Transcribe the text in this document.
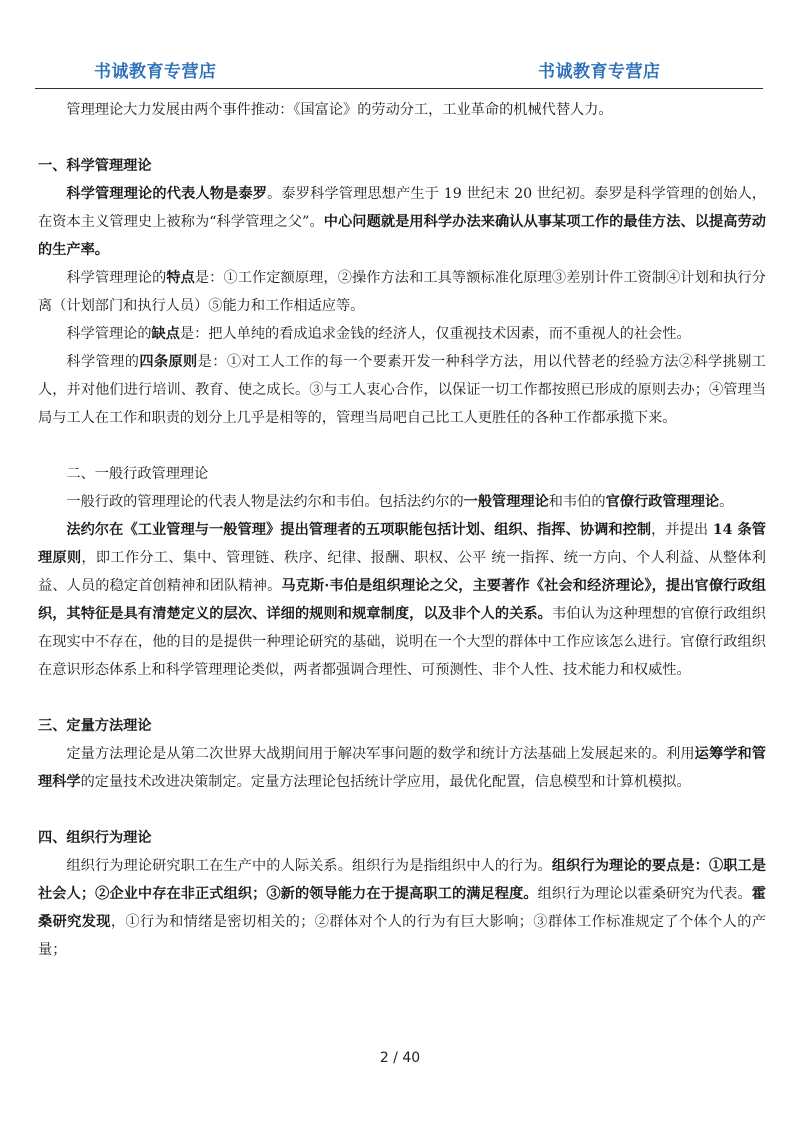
书诚教育专营店	书诚教育专营店

管理理论大力发展由两个事件推动：《国富论》的劳动分工，工业革命的机械代替人力。

一、科学管理理论

科学管理理论的代表人物是泰罗。泰罗科学管理思想产生于 19 世纪末 20 世纪初。泰罗是科学管理的创始人，在资本主义管理史上被称为“科学管理之父”。中心问题就是用科学办法来确认从事某项工作的最佳方法、以提高劳动的生产率。

科学管理理论的特点是：①工作定额原理，②操作方法和工具等额标准化原理③差别计件工资制④计划和执行分离（计划部门和执行人员）⑤能力和工作相适应等。

科学管理论的缺点是：把人单纯的看成追求金钱的经济人，仅重视技术因素，而不重视人的社会性。

科学管理的四条原则是：①对工人工作的每一个要素开发一种科学方法，用以代替老的经验方法②科学挑剔工人，并对他们进行培训、教育、使之成长。③与工人衷心合作，以保证一切工作都按照已形成的原则去办；④管理当局与工人在工作和职责的划分上几乎是相等的，管理当局吧自己比工人更胜任的各种工作都承揽下来。

二、一般行政管理理论

一般行政的管理理论的代表人物是法约尔和韦伯。包括法约尔的一般管理理论和韦伯的官僚行政管理理论。

法约尔在《工业管理与一般管理》提出管理者的五项职能包括计划、组织、指挥、协调和控制，并提出 14 条管理原则，即工作分工、集中、管理链、秩序、纪律、报酬、职权、公平 统一指挥、统一方向、个人利益、从整体利益、人员的稳定首创精神和团队精神。马克斯·韦伯是组织理论之父，主要著作《社会和经济理论》，提出官僚行政组织，其特征是具有清楚定义的层次、详细的规则和规章制度，以及非个人的关系。韦伯认为这种理想的官僚行政组织在现实中不存在，他的目的是提供一种理论研究的基础，说明在一个大型的群体中工作应该怎么进行。官僚行政组织在意识形态体系上和科学管理理论类似，两者都强调合理性、可预测性、非个人性、技术能力和权威性。

三、定量方法理论

定量方法理论是从第二次世界大战期间用于解决军事问题的数学和统计方法基础上发展起来的。利用运筹学和管理科学的定量技术改进决策制定。定量方法理论包括统计学应用，最优化配置，信息模型和计算机模拟。

四、组织行为理论

组织行为理论研究职工在生产中的人际关系。组织行为是指组织中人的行为。组织行为理论的要点是：①职工是社会人；②企业中存在非正式组织；③新的领导能力在于提高职工的满足程度。组织行为理论以霍桑研究为代表。霍桑研究发现，①行为和情绪是密切相关的；②群体对个人的行为有巨大影响；③群体工作标准规定了个体个人的产量；

2 / 40
